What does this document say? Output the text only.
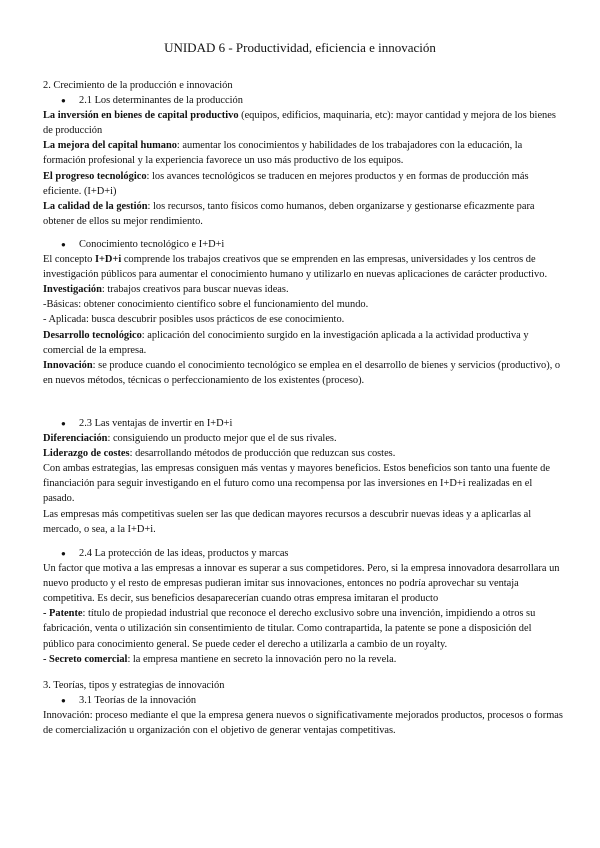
UNIDAD 6 - Productividad, eficiencia e innovación
2. Crecimiento de la producción e innovación
● 2.1 Los determinantes de la producción
La inversión en bienes de capital productivo (equipos, edificios, maquinaria, etc): mayor cantidad y mejora de los bienes de producción
La mejora del capital humano: aumentar los conocimientos y habilidades de los trabajadores con la educación, la formación profesional y la experiencia favorece un uso más productivo de los equipos.
El progreso tecnológico: los avances tecnológicos se traducen en mejores productos y en formas de producción más eficiente. (I+D+i)
La calidad de la gestión: los recursos, tanto físicos como humanos, deben organizarse y gestionarse eficazmente para obtener de ellos su mejor rendimiento.
● Conocimiento tecnológico e I+D+i
El concepto I+D+i comprende los trabajos creativos que se emprenden en las empresas, universidades y los centros de investigación públicos para aumentar el conocimiento humano y utilizarlo en nuevas aplicaciones de carácter productivo.
Investigación: trabajos creativos para buscar nuevas ideas.
-Básicas: obtener conocimiento científico sobre el funcionamiento del mundo.
- Aplicada: busca descubrir posibles usos prácticos de ese conocimiento.
Desarrollo tecnológico: aplicación del conocimiento surgido en la investigación aplicada a la actividad productiva y comercial de la empresa.
Innovación: se produce cuando el conocimiento tecnológico se emplea en el desarrollo de bienes y servicios (productivo), o en nuevos métodos, técnicas o perfeccionamiento de los existentes (proceso).
● 2.3 Las ventajas de invertir en I+D+i
Diferenciación: consiguiendo un producto mejor que el de sus rivales.
Liderazgo de costes: desarrollando métodos de producción que reduzcan sus costes.
Con ambas estrategias, las empresas consiguen más ventas y mayores beneficios. Estos beneficios son tanto una fuente de financiación para seguir investigando en el futuro como una recompensa por las inversiones en I+D+i realizadas en el pasado.
Las empresas más competitivas suelen ser las que dedican mayores recursos a descubrir nuevas ideas y a aplicarlas al mercado, o sea, a la I+D+i.
● 2.4 La protección de las ideas, productos y marcas
Un factor que motiva a las empresas a innovar es superar a sus competidores. Pero, si la empresa innovadora desarrollara un nuevo producto y el resto de empresas pudieran imitar sus innovaciones, entonces no podría aprovechar su ventaja competitiva. Es decir, sus beneficios desaparecerían cuando otras empresa imitaran el producto
- Patente: título de propiedad industrial que reconoce el derecho exclusivo sobre una invención, impidiendo a otros su fabricación, venta o utilización sin consentimiento de titular. Como contrapartida, la patente se pone a disposición del público para conocimiento general. Se puede ceder el derecho a utilizarla a cambio de un royalty.
- Secreto comercial: la empresa mantiene en secreto la innovación pero no la revela.
3. Teorías, tipos y estrategias de innovación
● 3.1 Teorías de la innovación
Innovación: proceso mediante el que la empresa genera nuevos o significativamente mejorados productos, procesos o formas de comercialización u organización con el objetivo de generar ventajas competitivas.
